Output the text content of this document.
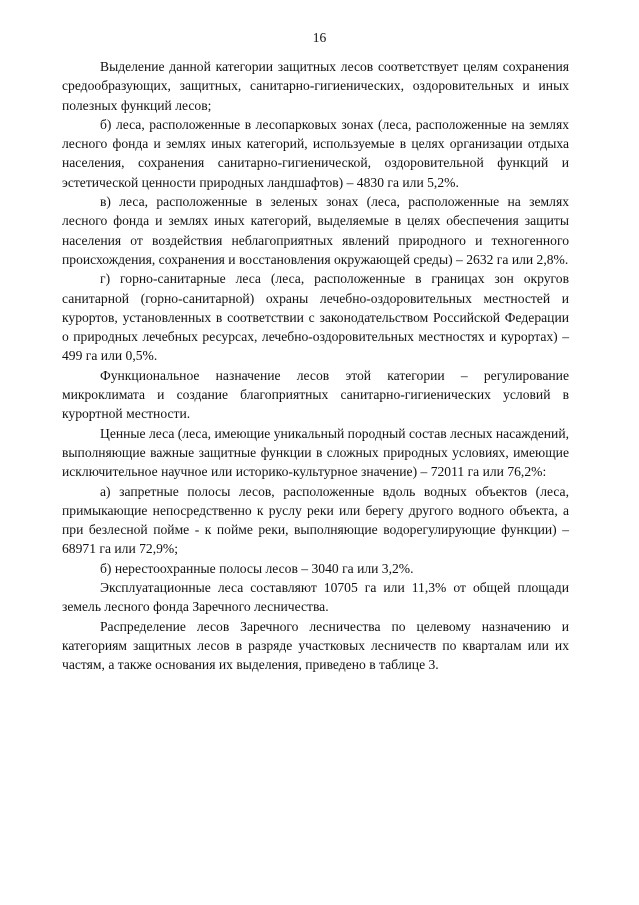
16

Выделение данной категории защитных лесов соответствует целям сохранения средообразующих, защитных, санитарно-гигиенических, оздоровительных и иных полезных функций лесов;

б) леса, расположенные в лесопарковых зонах (леса, расположенные на землях лесного фонда и землях иных категорий, используемые в целях организации отдыха населения, сохранения санитарно-гигиенической, оздоровительной функций и эстетической ценности природных ландшафтов) – 4830 га или 5,2%.

в) леса, расположенные в зеленых зонах (леса, расположенные на землях лесного фонда и землях иных категорий, выделяемые в целях обеспечения защиты населения от воздействия неблагоприятных явлений природного и техногенного происхождения, сохранения и восстановления окружающей среды) – 2632 га или 2,8%.

г) горно-санитарные леса (леса, расположенные в границах зон округов санитарной (горно-санитарной) охраны лечебно-оздоровительных местностей и курортов, установленных в соответствии с законодательством Российской Федерации о природных лечебных ресурсах, лечебно-оздоровительных местностях и курортах) – 499 га или 0,5%.

Функциональное назначение лесов этой категории – регулирование микроклимата и создание благоприятных санитарно-гигиенических условий в курортной местности.

Ценные леса (леса, имеющие уникальный породный состав лесных насаждений, выполняющие важные защитные функции в сложных природных условиях, имеющие исключительное научное или историко-культурное значение) – 72011 га или 76,2%:

а) запретные полосы лесов, расположенные вдоль водных объектов (леса, примыкающие непосредственно к руслу реки или берегу другого водного объекта, а при безлесной пойме - к пойме реки, выполняющие водорегулирующие функции) – 68971 га или 72,9%;

б) нерестоохранные полосы лесов – 3040 га или 3,2%.

Эксплуатационные леса составляют 10705 га или 11,3% от общей площади земель лесного фонда Заречного лесничества.

Распределение лесов Заречного лесничества по целевому назначению и категориям защитных лесов в разряде участковых лесничеств по кварталам или их частям, а также основания их выделения, приведено в таблице 3.
